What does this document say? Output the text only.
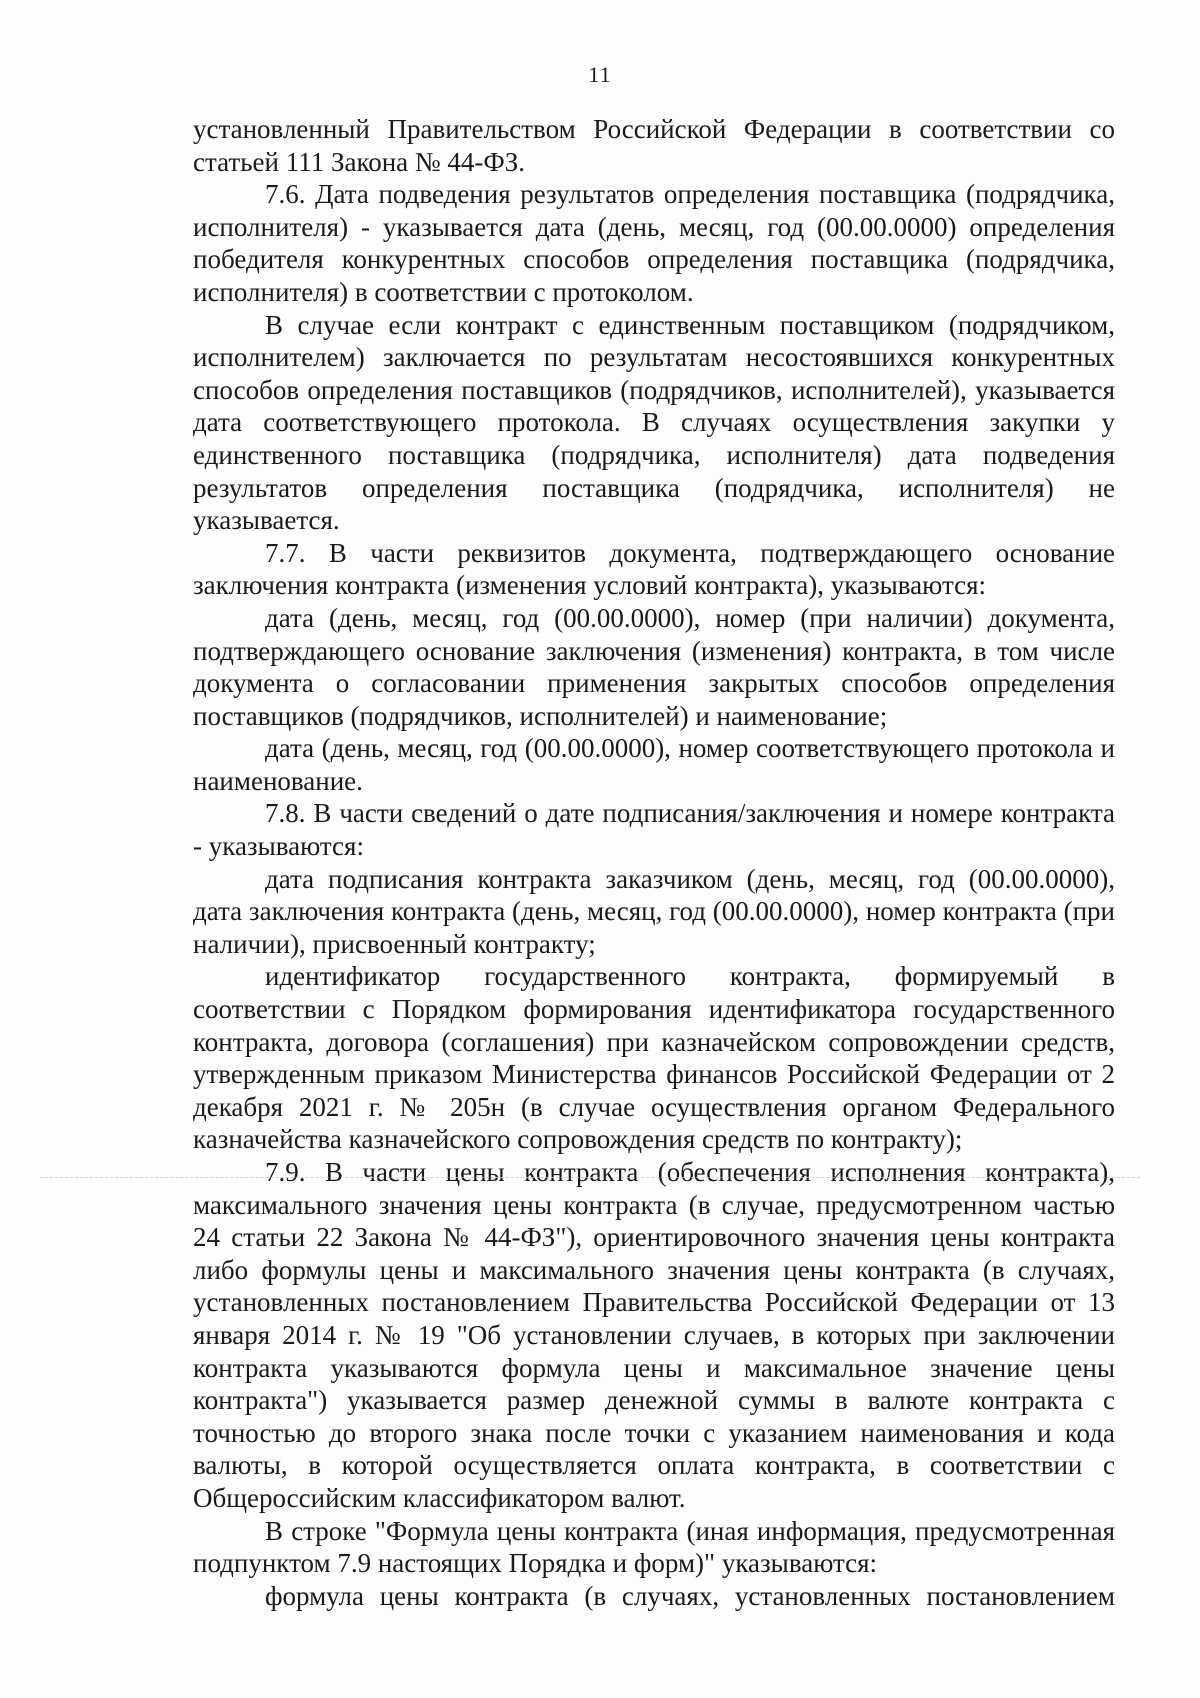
11

установленный Правительством Российской Федерации в соответствии со статьей 111 Закона № 44-ФЗ.

7.6. Дата подведения результатов определения поставщика (подрядчика, исполнителя) - указывается дата (день, месяц, год (00.00.0000) определения победителя конкурентных способов определения поставщика (подрядчика, исполнителя) в соответствии с протоколом.

В случае если контракт с единственным поставщиком (подрядчиком, исполнителем) заключается по результатам несостоявшихся конкурентных способов определения поставщиков (подрядчиков, исполнителей), указывается дата соответствующего протокола. В случаях осуществления закупки у единственного поставщика (подрядчика, исполнителя) дата подведения результатов определения поставщика (подрядчика, исполнителя) не указывается.

7.7. В части реквизитов документа, подтверждающего основание заключения контракта (изменения условий контракта), указываются:

дата (день, месяц, год (00.00.0000), номер (при наличии) документа, подтверждающего основание заключения (изменения) контракта, в том числе документа о согласовании применения закрытых способов определения поставщиков (подрядчиков, исполнителей) и наименование;

дата (день, месяц, год (00.00.0000), номер соответствующего протокола и наименование.

7.8. В части сведений о дате подписания/заключения и номере контракта - указываются:

дата подписания контракта заказчиком (день, месяц, год (00.00.0000), дата заключения контракта (день, месяц, год (00.00.0000), номер контракта (при наличии), присвоенный контракту;

идентификатор государственного контракта, формируемый в соответствии с Порядком формирования идентификатора государственного контракта, договора (соглашения) при казначейском сопровождении средств, утвержденным приказом Министерства финансов Российской Федерации от 2 декабря 2021 г. № 205н (в случае осуществления органом Федерального казначейства казначейского сопровождения средств по контракту);

7.9. В части цены контракта (обеспечения исполнения контракта), максимального значения цены контракта (в случае, предусмотренном частью 24 статьи 22 Закона № 44-ФЗ"), ориентировочного значения цены контракта либо формулы цены и максимального значения цены контракта (в случаях, установленных постановлением Правительства Российской Федерации от 13 января 2014 г. № 19 "Об установлении случаев, в которых при заключении контракта указываются формула цены и максимальное значение цены контракта") указывается размер денежной суммы в валюте контракта с точностью до второго знака после точки с указанием наименования и кода валюты, в которой осуществляется оплата контракта, в соответствии с Общероссийским классификатором валют.

В строке "Формула цены контракта (иная информация, предусмотренная подпунктом 7.9 настоящих Порядка и форм)" указываются:

формула цены контракта (в случаях, установленных постановлением
